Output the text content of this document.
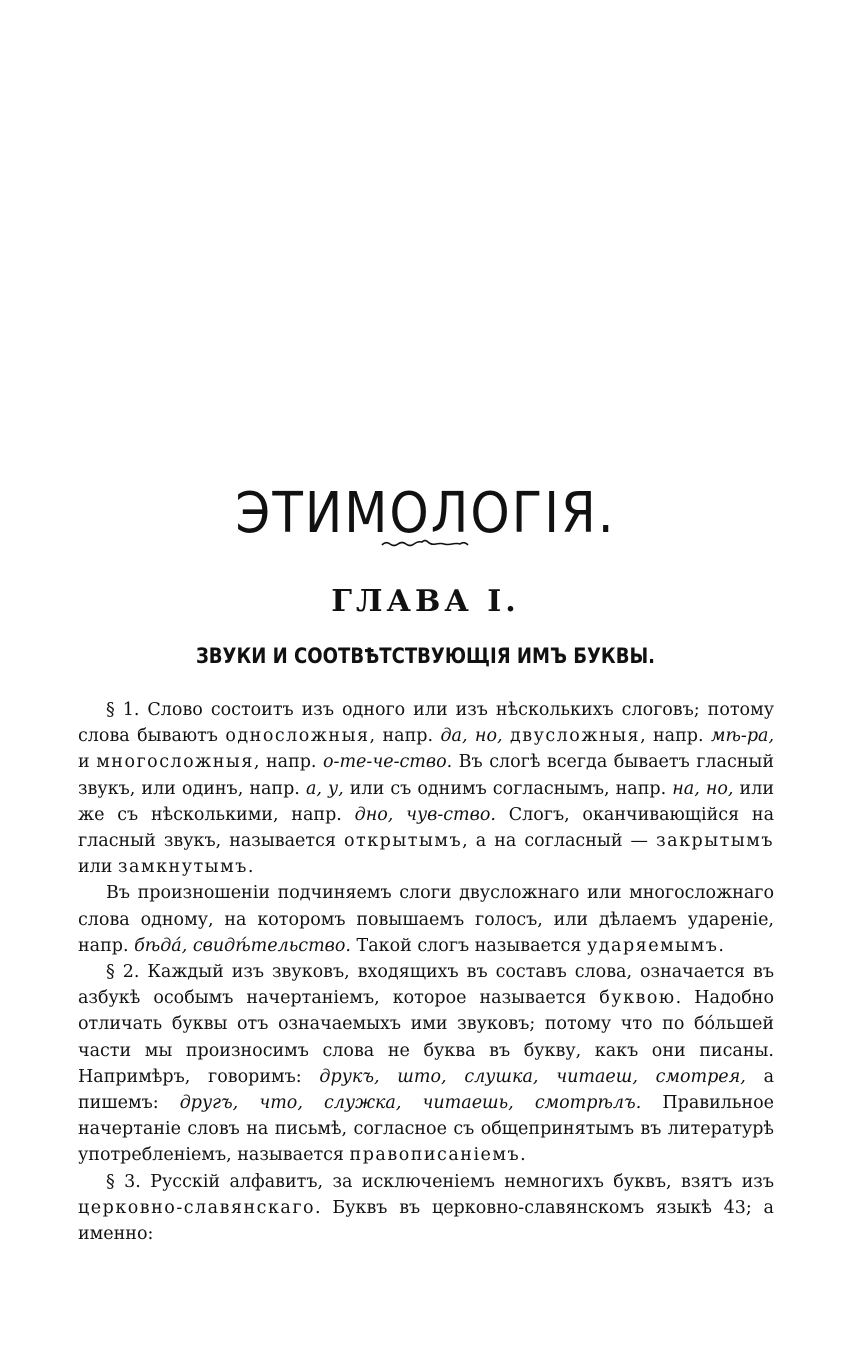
ЭТИМОЛОГІЯ.
ГЛАВА I.
ЗВУКИ И СООТВѢТСТВУЮЩІЯ ИМЪ БУКВЫ.

§ 1. Слово состоитъ изъ одного или изъ нѣсколькихъ слоговъ; потому слова бываютъ односложныя, напр. да, но, двусложныя, напр. мѣ-ра, и многосложныя, напр. о-те-че-ство. Въ слогѣ всегда бываетъ гласный звукъ, или одинъ, напр. а, у, или съ однимъ согласнымъ, напр. на, но, или же съ нѣсколькими, напр. дно, чув-ство. Слогъ, оканчивающійся на гласный звукъ, называется открытымъ, а на согласный — закрытымъ или замкнутымъ.

Въ произношеніи подчиняемъ слоги двусложнаго или многосложнаго слова одному, на которомъ повышаемъ голосъ, или дѣлаемъ ударенiе, напр. бѣдá, свидѣ́тельство. Такой слогъ называется ударяемымъ.

§ 2. Каждый изъ звуковъ, входящихъ въ составъ слова, означается въ азбукѣ особымъ начертаніемъ, которое называется буквою. Надобно отличать буквы отъ означаемыхъ ими звуковъ; потому что по бóльшей части мы произносимъ слова не буква въ букву, какъ они писаны. Напримѣръ, говоримъ: друкъ, што, слушка, читаеш, смотрея, а пишемъ: другъ, что, служка, читаешь, смотрѣлъ. Правильное начертаніе словъ на письмѣ, согласное съ общепринятымъ въ литературѣ употребленіемъ, называется правописаніемъ.

§ 3. Русскій алфавитъ, за исключеніемъ немногихъ буквъ, взятъ изъ церковно-славянскаго. Буквъ въ церковно-славянскомъ языкѣ 43; а именно:
